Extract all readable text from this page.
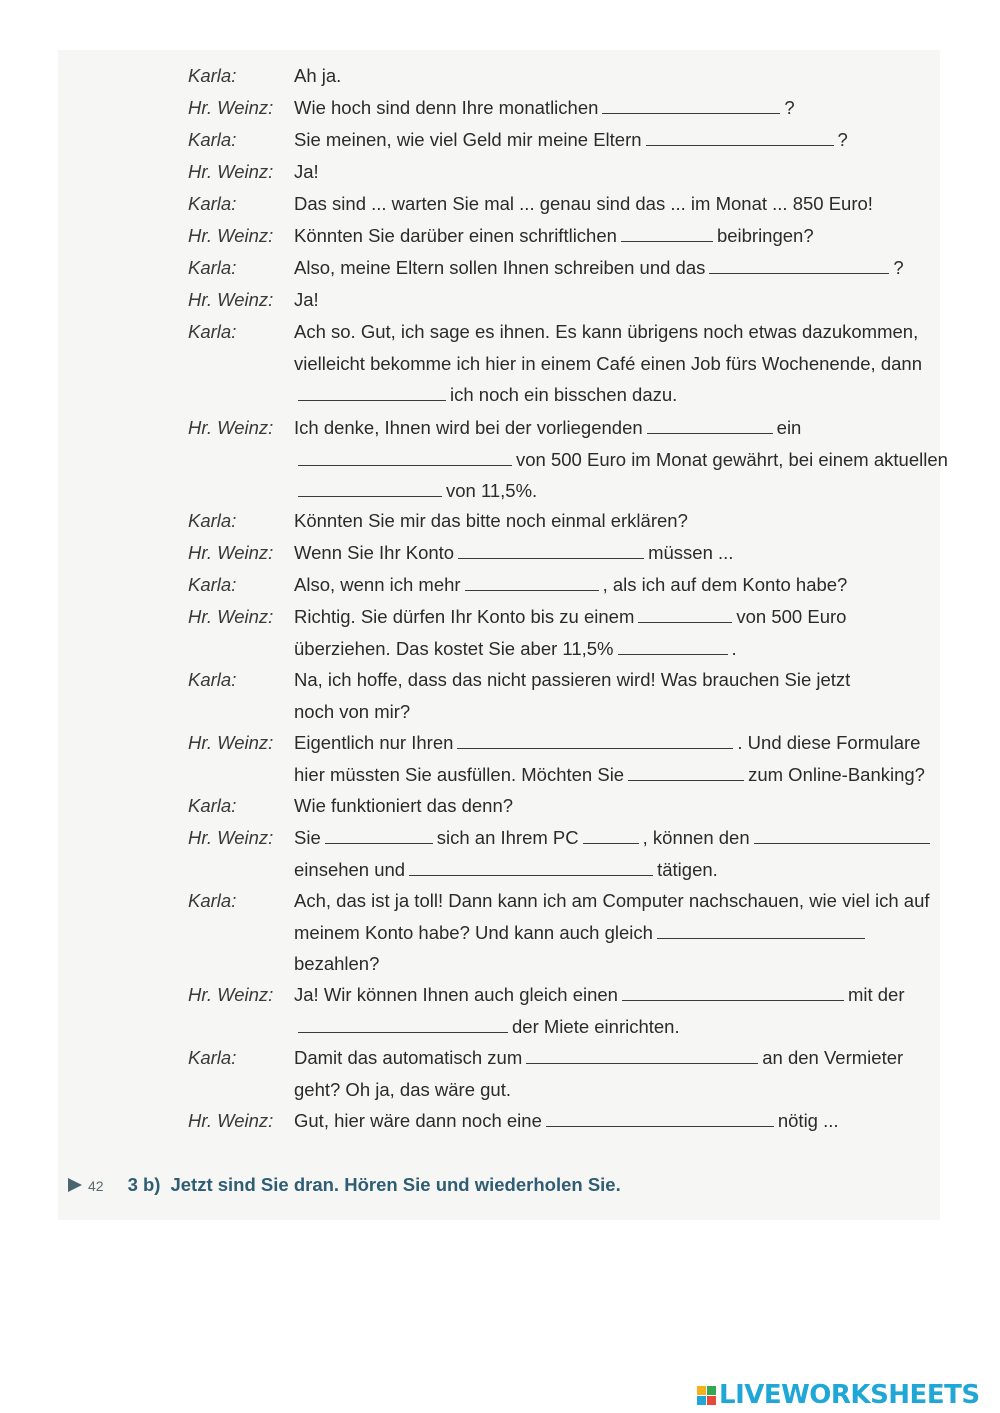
Karla:	Ah ja.
Hr. Weinz:	Wie hoch sind denn Ihre monatlichen	?
Karla:	Sie meinen, wie viel Geld mir meine Eltern	?
Hr. Weinz:	Ja!
Karla:	Das sind ... warten Sie mal ... genau sind das ... im Monat ... 850 Euro!
Hr. Weinz:	Könnten Sie darüber einen schriftlichen	beibringen?
Karla:	Also, meine Eltern sollen Ihnen schreiben und das	?
Hr. Weinz:	Ja!
Karla:	Ach so. Gut, ich sage es ihnen. Es kann übrigens noch etwas dazukommen,
vielleicht bekomme ich hier in einem Café einen Job fürs Wochenende, dann
ich noch ein bisschen dazu.
Hr. Weinz:	Ich denke, Ihnen wird bei der vorliegenden	ein
von 500 Euro im Monat gewährt, bei einem aktuellen
von 11,5%.
Karla:	Könnten Sie mir das bitte noch einmal erklären?
Hr. Weinz:	Wenn Sie Ihr Konto	müssen ...
Karla:	Also, wenn ich mehr	, als ich auf dem Konto habe?
Hr. Weinz:	Richtig. Sie dürfen Ihr Konto bis zu einem	von 500 Euro
überziehen. Das kostet Sie aber 11,5%	.
Karla:	Na, ich hoffe, dass das nicht passieren wird! Was brauchen Sie jetzt
noch von mir?
Hr. Weinz:	Eigentlich nur Ihren	. Und diese Formulare
hier müssten Sie ausfüllen. Möchten Sie	zum Online-Banking?
Karla:	Wie funktioniert das denn?
Hr. Weinz:	Sie	sich an Ihrem PC	, können den
einsehen und	tätigen.
Karla:	Ach, das ist ja toll! Dann kann ich am Computer nachschauen, wie viel ich auf
meinem Konto habe? Und kann auch gleich
bezahlen?
Hr. Weinz:	Ja! Wir können Ihnen auch gleich einen	mit der
der Miete einrichten.
Karla:	Damit das automatisch zum	an den Vermieter
geht? Oh ja, das wäre gut.
Hr. Weinz:	Gut, hier wäre dann noch eine	nötig ...
42 3 b) Jetzt sind Sie dran. Hören Sie und wiederholen Sie.
LIVEWORKSHEETS
